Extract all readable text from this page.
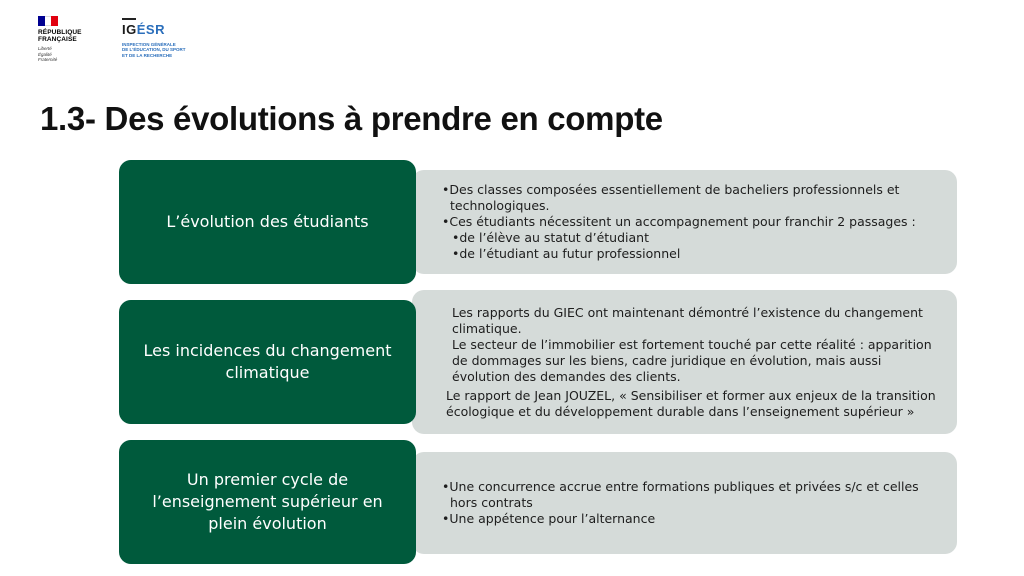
RÉPUBLIQUE
FRANÇAISE
Liberté
Égalité
Fraternité
IGÉSR
INSPECTION GÉNÉRALE
DE L'ÉDUCATION, DU SPORT
ET DE LA RECHERCHE
1.3- Des évolutions à prendre en compte

•Des classes composées essentiellement de bacheliers professionnels et technologiques.

•Ces étudiants nécessitent un accompagnement pour franchir 2 passages :

•de l’élève au statut d’étudiant

•de l’étudiant au futur professionnel

L’évolution des étudiants

Les rapports du GIEC ont maintenant démontré l’existence du changement climatique.

Le secteur de l’immobilier est fortement touché par cette réalité : apparition de dommages sur les biens, cadre juridique en évolution, mais aussi évolution des demandes des clients.

Le rapport de Jean JOUZEL, « Sensibiliser et former aux enjeux de la transition écologique et du développement durable dans l’enseignement supérieur »

Les incidences du changement climatique

•Une concurrence accrue entre formations publiques et privées s/c et celles hors contrats

•Une appétence pour l’alternance

Un premier cycle de l’enseignement supérieur en plein évolution
